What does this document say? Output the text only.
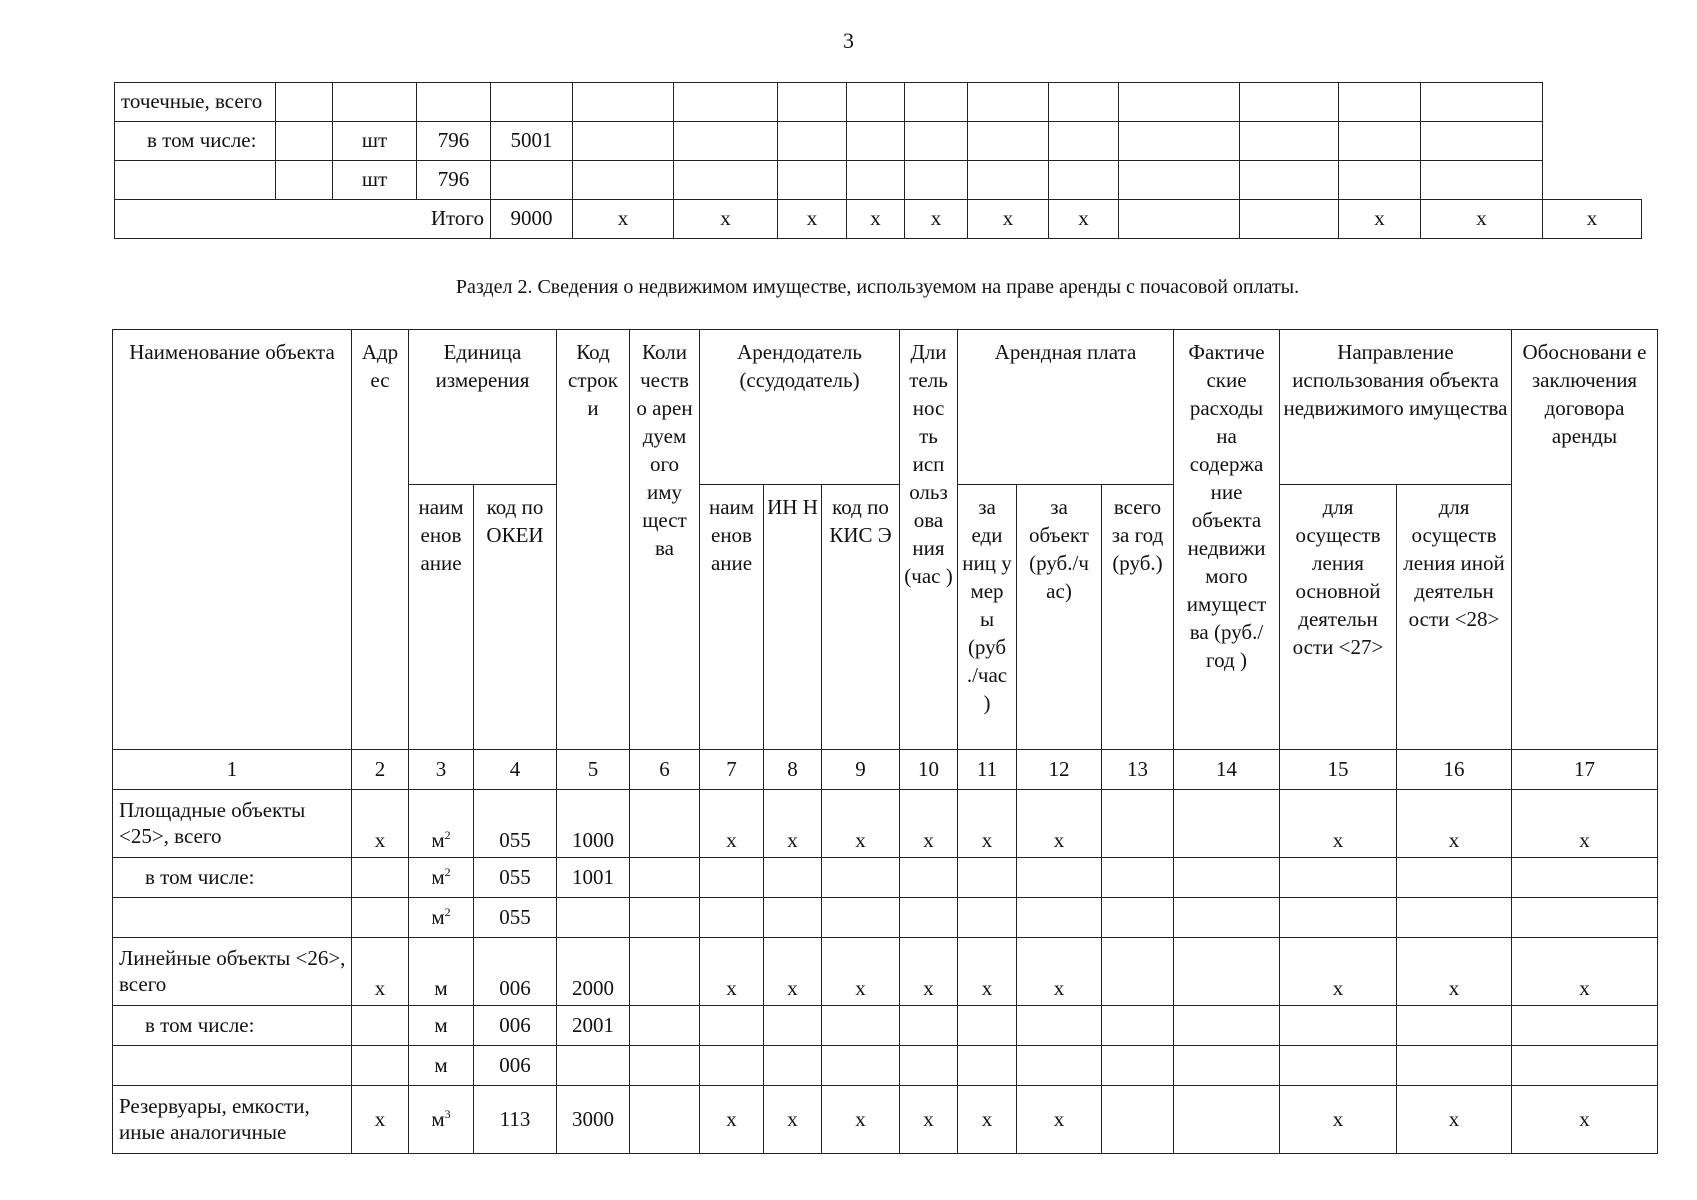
3
точечные, всего																
в том числе:		шт	796	5001												
		шт	796													
Итого				9000	x	x	x	x	x	x	x			x	x	x
Раздел 2. Сведения о недвижимом имуществе, используемом на праве аренды с почасовой оплаты.
Наименование объекта	Адр ес	Единица измерения		Код строк и	Коли честв о арен дуем ого иму щест ва	Арендодатель (ссудодатель)			Дли тель нос ть исп ольз ова ния (час )	Арендная плата			Фактиче ские расходы на содержа ние объекта недвижи мого имущест ва (руб./год )	Направление использования объекта недвижимого имущества		Обосновани е заключения договора аренды
		наим енов ание	код по ОКЕИ			наим енов ание	ИН Н	код по КИС Э		за еди ниц у мер ы (руб ./час )	за объект (руб./ч ас)	всего за год (руб.)		для осуществ ления основной деятельн ости <27>	для осуществ ления иной деятельн ости <28>	
1	2	3	4	5	6	7	8	9	10	11	12	13	14	15	16	17
Площадные объекты <25>, всего	x	$м^2$	055	1000		x	x	x	x	x	x			x	x	x
в том числе:		$м^2$	055	1001												
		$м^2$	055													
Линейные объекты <26>, всего	x	м	006	2000		x	x	x	x	x	x			x	x	x
в том числе:		м	006	2001												
		м	006													
Резервуары, емкости, иные аналогичные	x	$м^3$	113	3000		x	x	x	x	x	x			x	x	x
